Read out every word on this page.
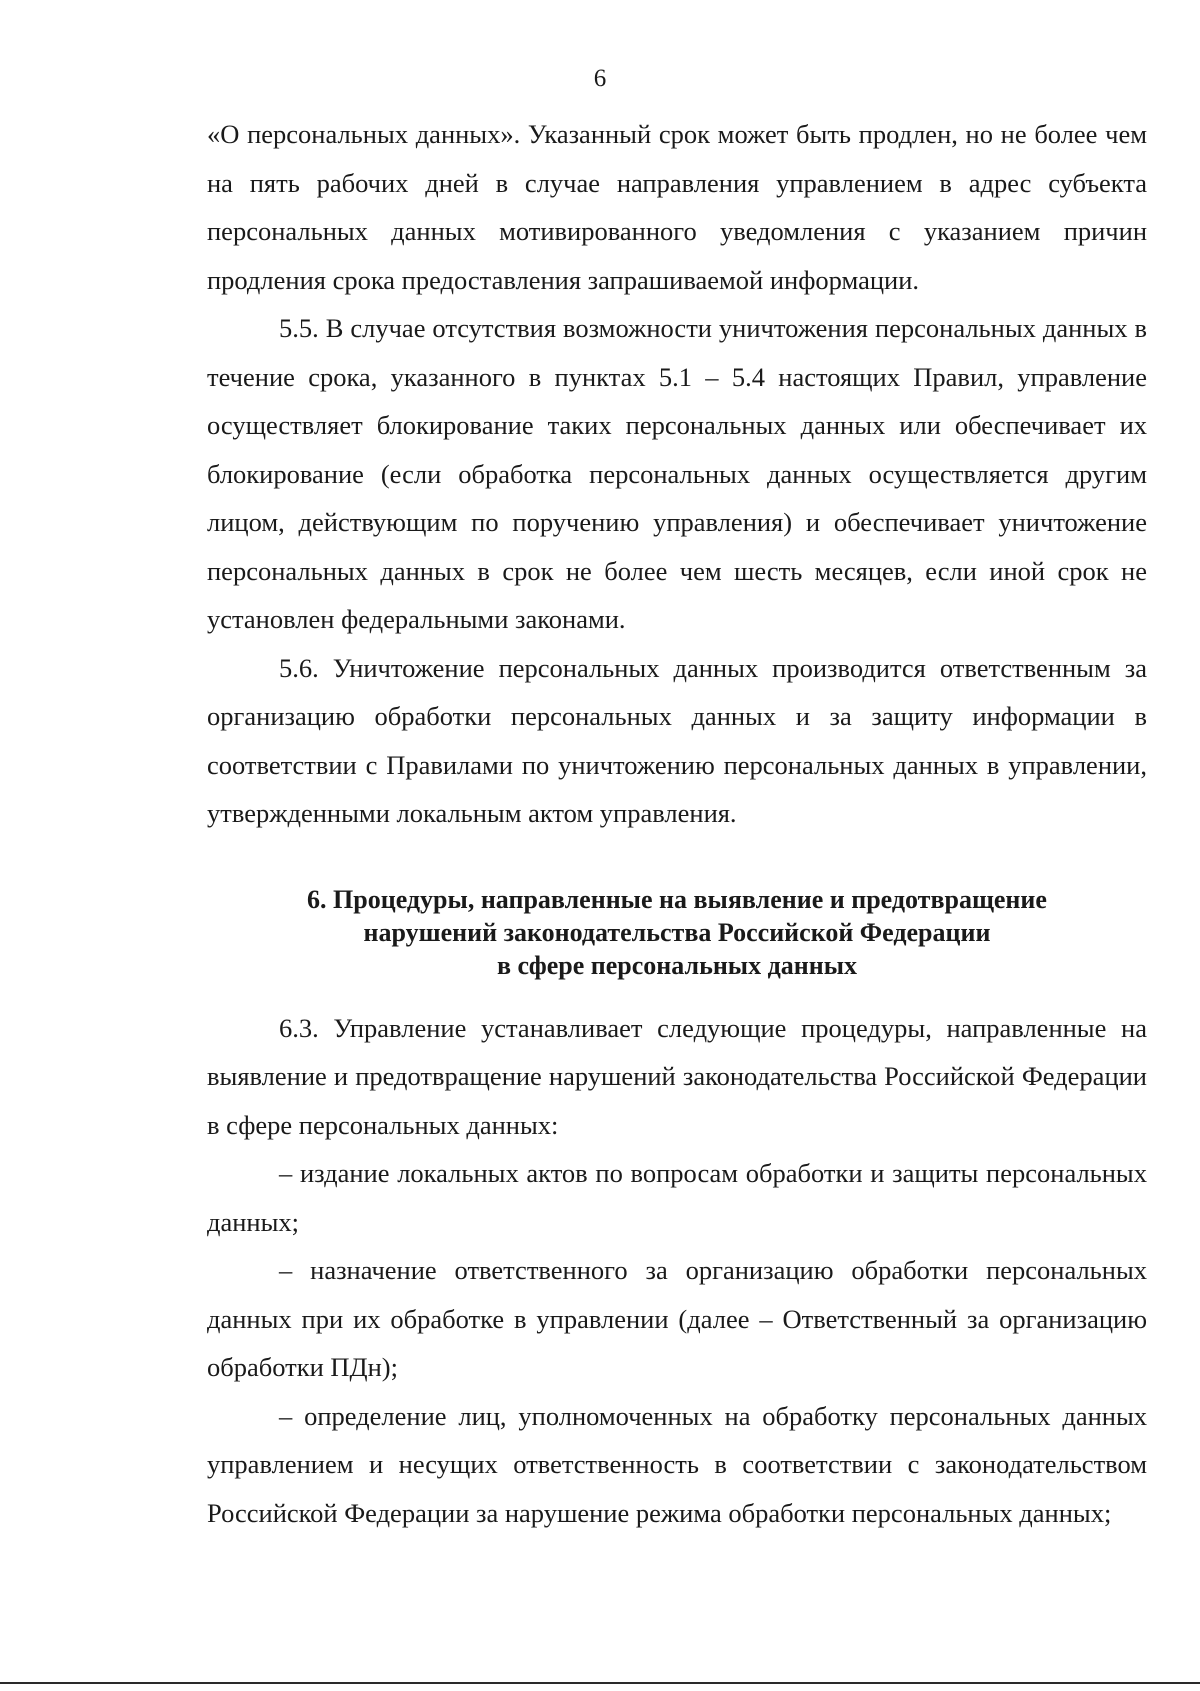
6

«О персональных данных». Указанный срок может быть продлен, но не более чем на пять рабочих дней в случае направления управлением в адрес субъекта персональных данных мотивированного уведомления с указанием причин продления срока предоставления запрашиваемой информации.

5.5. В случае отсутствия возможности уничтожения персональных данных в течение срока, указанного в пунктах 5.1 – 5.4 настоящих Правил, управление осуществляет блокирование таких персональных данных или обеспечивает их блокирование (если обработка персональных данных осуществляется другим лицом, действующим по поручению управления) и обеспечивает уничтожение персональных данных в срок не более чем шесть месяцев, если иной срок не установлен федеральными законами.

5.6. Уничтожение персональных данных производится ответственным за организацию обработки персональных данных и за защиту информации в соответствии с Правилами по уничтожению персональных данных в управлении, утвержденными локальным актом управления.

6. Процедуры, направленные на выявление и предотвращение
нарушений законодательства Российской Федерации
в сфере персональных данных

6.3. Управление устанавливает следующие процедуры, направленные на выявление и предотвращение нарушений законодательства Российской Федерации в сфере персональных данных:

– издание локальных актов по вопросам обработки и защиты персональных данных;

– назначение ответственного за организацию обработки персональных данных при их обработке в управлении (далее – Ответственный за организацию обработки ПДн);

– определение лиц, уполномоченных на обработку персональных данных управлением и несущих ответственность в соответствии с законодательством Российской Федерации за нарушение режима обработки персональных данных;
